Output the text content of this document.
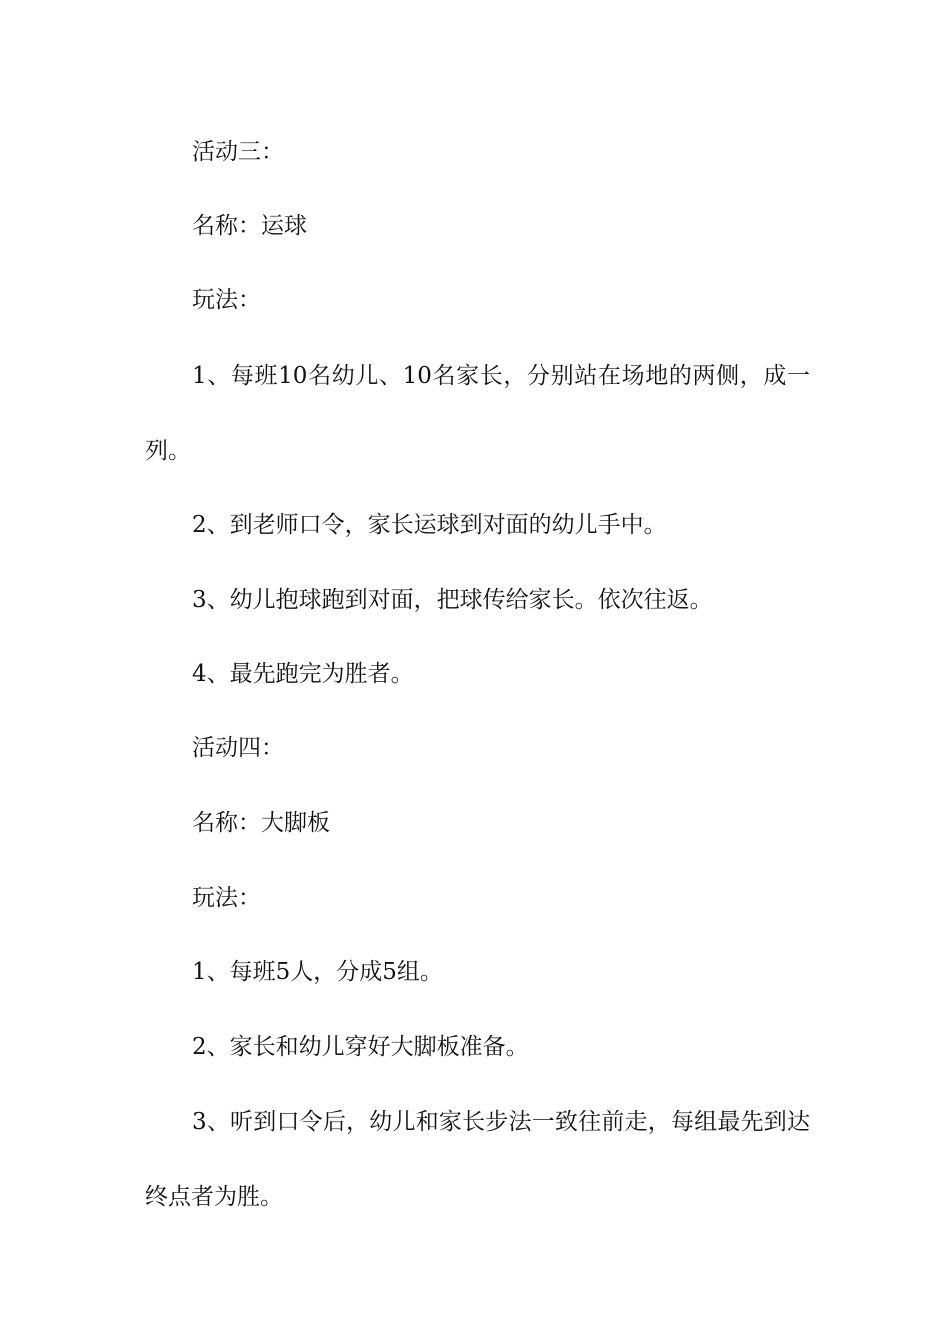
活动三：

名称：运球

玩法：

1、每班10名幼儿、10名家长，分别站在场地的两侧，成一列。

2、到老师口令，家长运球到对面的幼儿手中。

3、幼儿抱球跑到对面，把球传给家长。依次往返。

4、最先跑完为胜者。

活动四：

名称：大脚板

玩法：

1、每班5人，分成5组。

2、家长和幼儿穿好大脚板准备。

3、听到口令后，幼儿和家长步法一致往前走，每组最先到达终点者为胜。
